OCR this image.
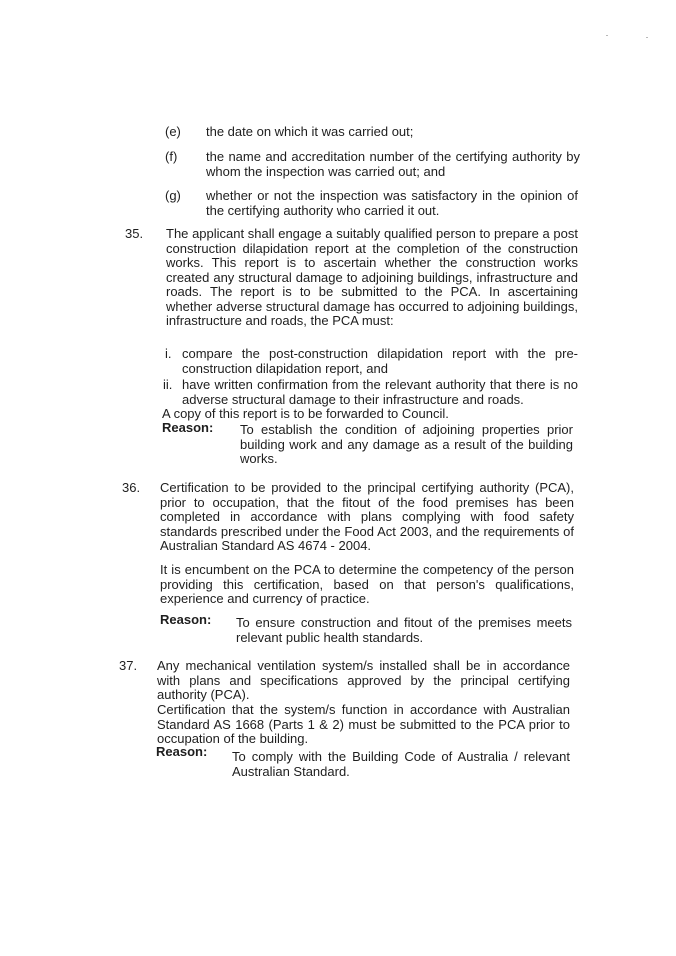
(e) the date on which it was carried out;
(f) the name and accreditation number of the certifying authority by whom the inspection was carried out; and
(g) whether or not the inspection was satisfactory in the opinion of the certifying authority who carried it out.
35. The applicant shall engage a suitably qualified person to prepare a post construction dilapidation report at the completion of the construction works. This report is to ascertain whether the construction works created any structural damage to adjoining buildings, infrastructure and roads. The report is to be submitted to the PCA. In ascertaining whether adverse structural damage has occurred to adjoining buildings, infrastructure and roads, the PCA must:
i. compare the post-construction dilapidation report with the pre-construction dilapidation report, and
ii. have written confirmation from the relevant authority that there is no adverse structural damage to their infrastructure and roads.
A copy of this report is to be forwarded to Council.
Reason: To establish the condition of adjoining properties prior building work and any damage as a result of the building works.
36. Certification to be provided to the principal certifying authority (PCA), prior to occupation, that the fitout of the food premises has been completed in accordance with plans complying with food safety standards prescribed under the Food Act 2003, and the requirements of Australian Standard AS 4674 - 2004.
It is encumbent on the PCA to determine the competency of the person providing this certification, based on that person's qualifications, experience and currency of practice.
Reason: To ensure construction and fitout of the premises meets relevant public health standards.
37. Any mechanical ventilation system/s installed shall be in accordance with plans and specifications approved by the principal certifying authority (PCA).
Certification that the system/s function in accordance with Australian Standard AS 1668 (Parts 1 & 2) must be submitted to the PCA prior to occupation of the building.
Reason: To comply with the Building Code of Australia / relevant Australian Standard.
